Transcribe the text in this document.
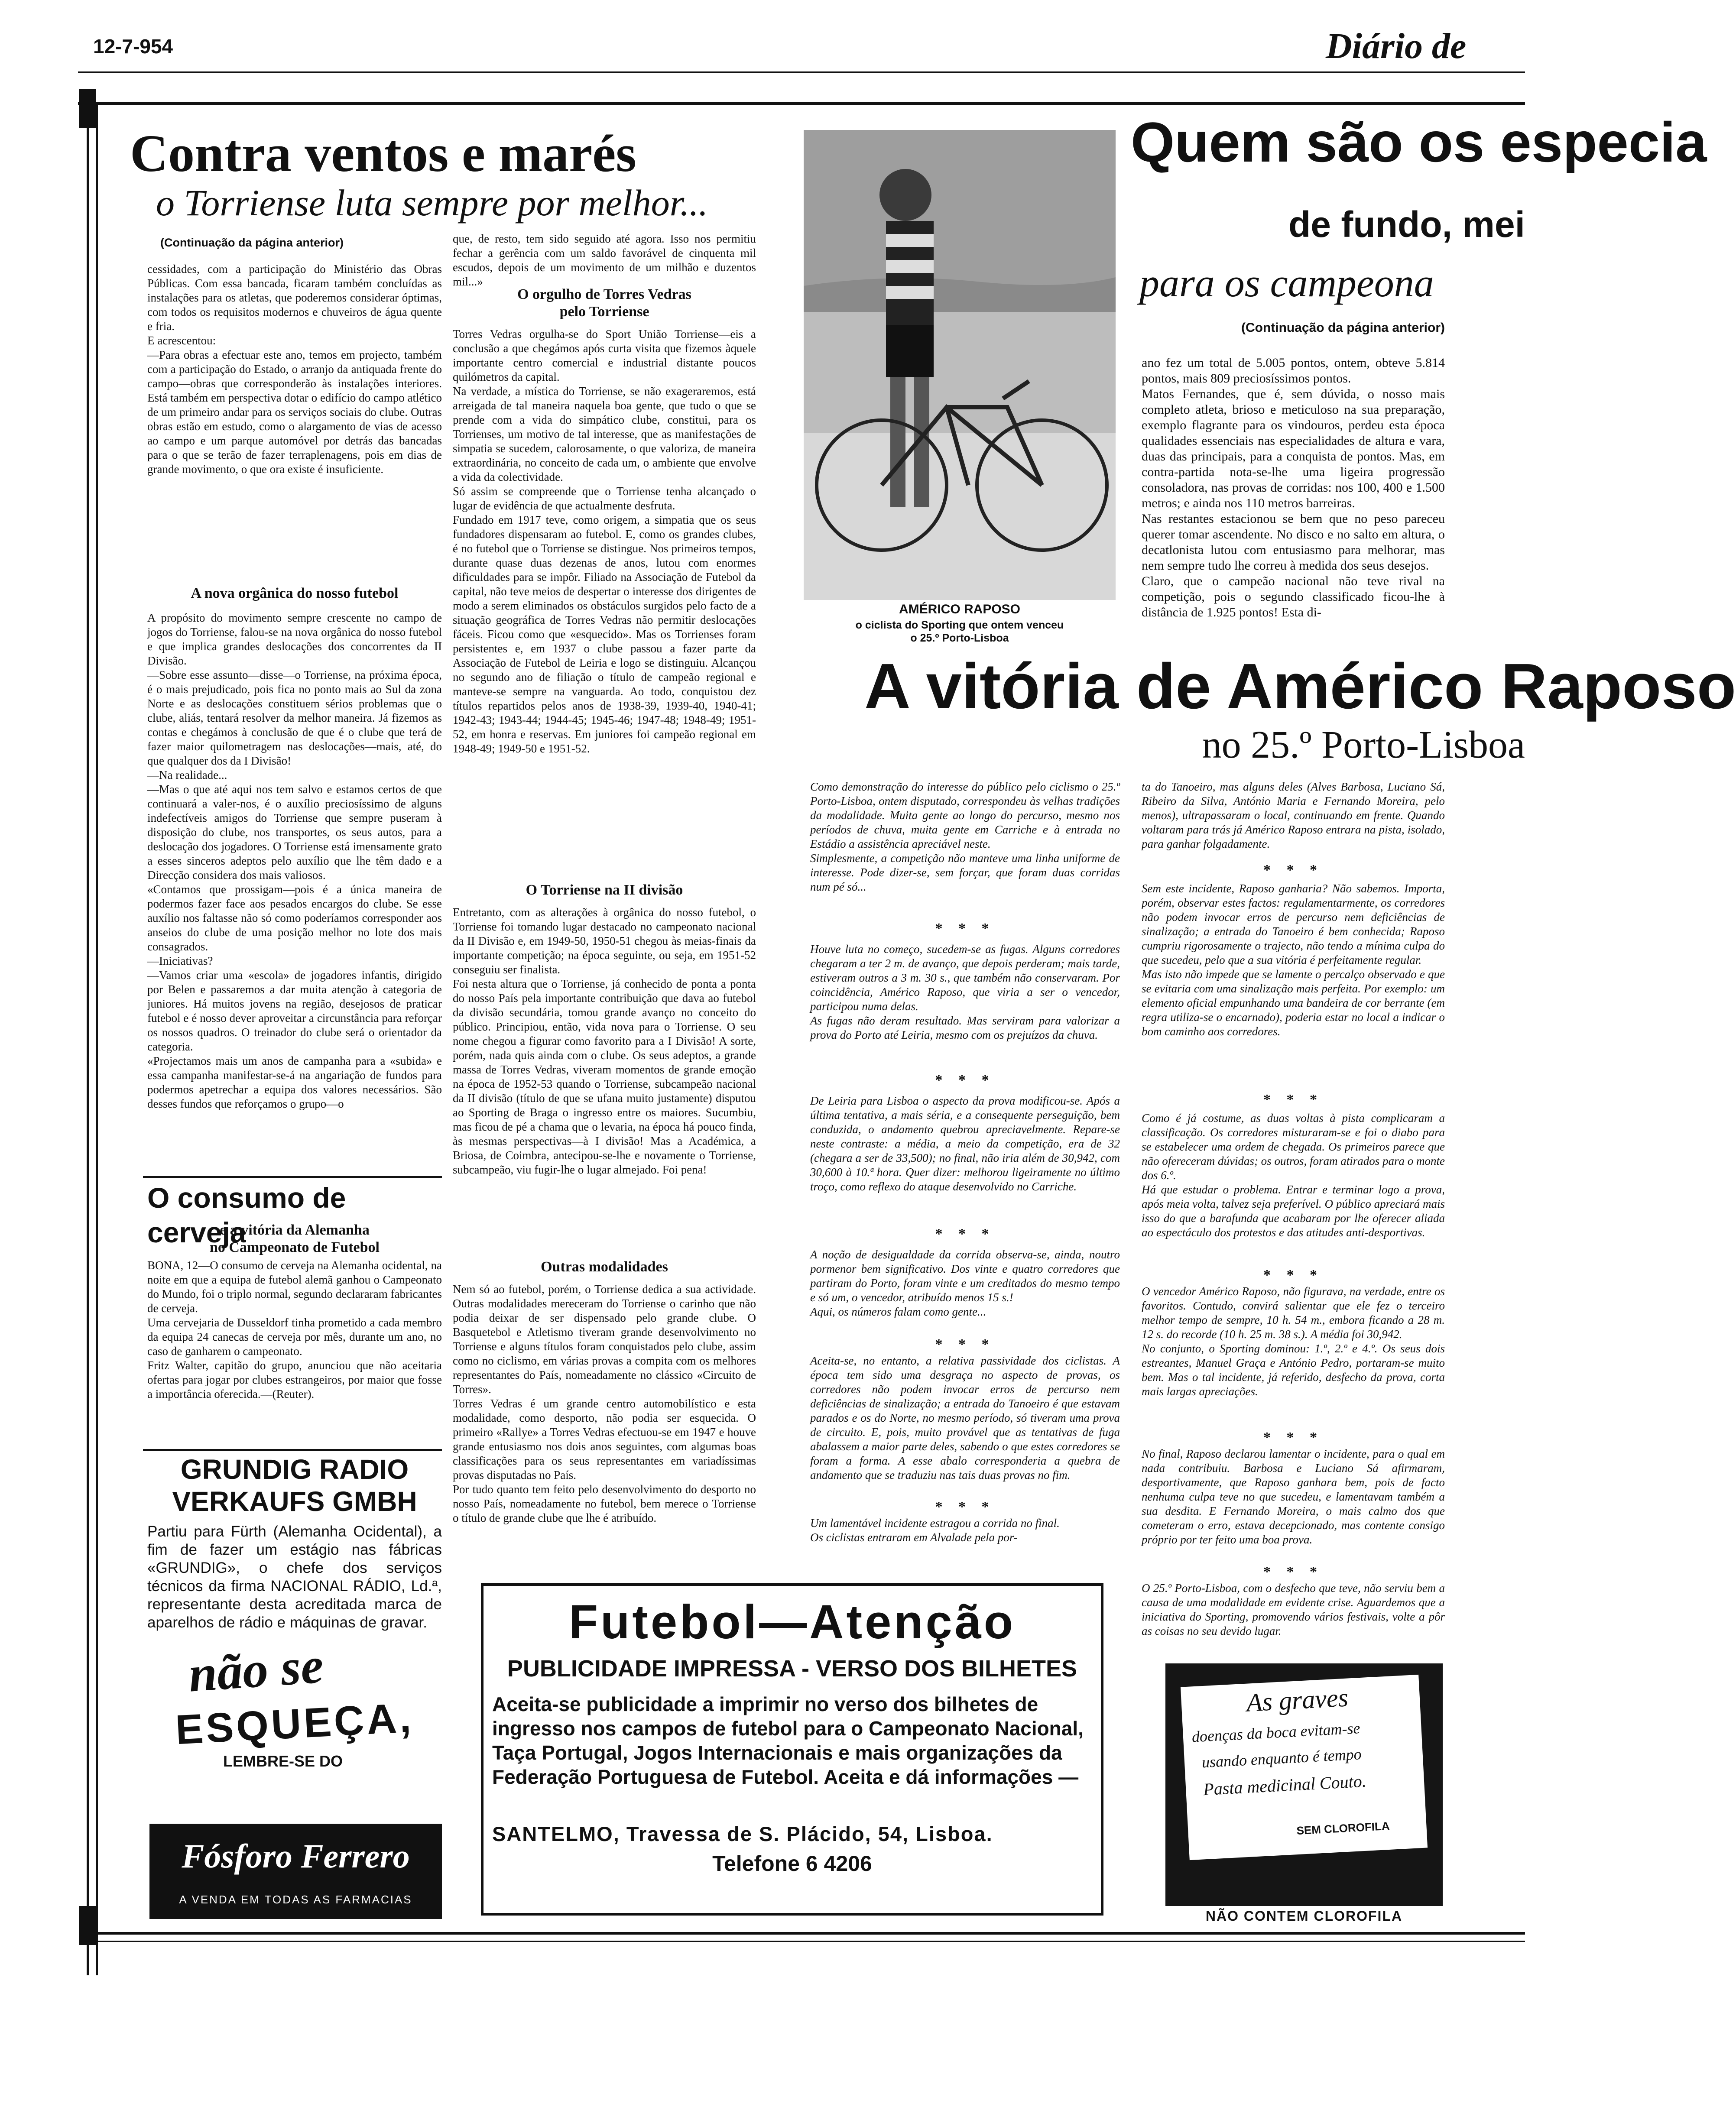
12-7-954	Diário de
Contra ventos e marés
o Torriense luta sempre por melhor...
(Continuação da página anterior)
cessidades, com a participação do Ministério das Obras Públicas. Com essa bancada, ficaram também concluídas as instalações para os atletas, que poderemos considerar óptimas, com todos os requisitos modernos e chuveiros de água quente e fria.
E acrescentou:
—Para obras a efectuar este ano, temos em projecto, também com a participação do Estado, o arranjo da antiquada frente do campo—obras que corresponderão às instalações interiores. Está também em perspectiva dotar o edifício do campo atlético de um primeiro andar para os serviços sociais do clube. Outras obras estão em estudo, como o alargamento de vias de acesso ao campo e um parque automóvel por detrás das bancadas para o que se terão de fazer terraplenagens, pois em dias de grande movimento, o que ora existe é insuficiente.
A nova orgânica do nosso futebol
A propósito do movimento sempre crescente no campo de jogos do Torriense, falou-se na nova orgânica do nosso futebol e que implica grandes deslocações dos concorrentes da II Divisão.
—Sobre esse assunto—disse—o Torriense, na próxima época, é o mais prejudicado, pois fica no ponto mais ao Sul da zona Norte e as deslocações constituem sérios problemas que o clube, aliás, tentará resolver da melhor maneira. Já fizemos as contas e chegámos à conclusão de que é o clube que terá de fazer maior quilometragem nas deslocações—mais, até, do que qualquer dos da I Divisão!
—Na realidade...
—Mas o que até aqui nos tem salvo e estamos certos de que continuará a valer-nos, é o auxílio preciosíssimo de alguns indefectíveis amigos do Torriense que sempre puseram à disposição do clube, nos transportes, os seus autos, para a deslocação dos jogadores. O Torriense está imensamente grato a esses sinceros adeptos pelo auxílio que lhe têm dado e a Direcção considera dos mais valiosos.
«Contamos que prossigam—pois é a única maneira de podermos fazer face aos pesados encargos do clube. Se esse auxílio nos faltasse não só como poderíamos corresponder aos anseios do clube de uma posição melhor no lote dos mais consagrados.
—Iniciativas?
—Vamos criar uma «escola» de jogadores infantis, dirigido por Belen e passaremos a dar muita atenção à categoria de juniores. Há muitos jovens na região, desejosos de praticar futebol e é nosso dever aproveitar a circunstância para reforçar os nossos quadros. O treinador do clube será o orientador da categoria.
«Projectamos mais um anos de campanha para a «subida» e essa campanha manifestar-se-á na angariação de fundos para podermos apetrechar a equipa dos valores necessários. São desses fundos que reforçamos o grupo—o
que, de resto, tem sido seguido até agora. Isso nos permitiu fechar a gerência com um saldo favorável de cinquenta mil escudos, depois de um movimento de um milhão e duzentos mil...»
O orgulho de Torres Vedras
pelo Torriense
Torres Vedras orgulha-se do Sport União Torriense—eis a conclusão a que chegámos após curta visita que fizemos àquele importante centro comercial e industrial distante poucos quilómetros da capital.
Na verdade, a mística do Torriense, se não exageraremos, está arreigada de tal maneira naquela boa gente, que tudo o que se prende com a vida do simpático clube, constitui, para os Torrienses, um motivo de tal interesse, que as manifestações de simpatia se sucedem, calorosamente, o que valoriza, de maneira extraordinária, no conceito de cada um, o ambiente que envolve a vida da colectividade.
Só assim se compreende que o Torriense tenha alcançado o lugar de evidência de que actualmente desfruta.
Fundado em 1917 teve, como origem, a simpatia que os seus fundadores dispensaram ao futebol. E, como os grandes clubes, é no futebol que o Torriense se distingue. Nos primeiros tempos, durante quase duas dezenas de anos, lutou com enormes dificuldades para se impôr. Filiado na Associação de Futebol da capital, não teve meios de despertar o interesse dos dirigentes de modo a serem eliminados os obstáculos surgidos pelo facto de a situação geográfica de Torres Vedras não permitir deslocações fáceis. Ficou como que «esquecido». Mas os Torrienses foram persistentes e, em 1937 o clube passou a fazer parte da Associação de Futebol de Leiria e logo se distinguiu. Alcançou no segundo ano de filiação o título de campeão regional e manteve-se sempre na vanguarda. Ao todo, conquistou dez títulos repartidos pelos anos de 1938-39, 1939-40, 1940-41; 1942-43; 1943-44; 1944-45; 1945-46; 1947-48; 1948-49; 1951-52, em honra e reservas. Em juniores foi campeão regional em 1948-49; 1949-50 e 1951-52.
O Torriense na II divisão
Entretanto, com as alterações à orgânica do nosso futebol, o Torriense foi tomando lugar destacado no campeonato nacional da II Divisão e, em 1949-50, 1950-51 chegou às meias-finais da importante competição; na época seguinte, ou seja, em 1951-52 conseguiu ser finalista.
Foi nesta altura que o Torriense, já conhecido de ponta a ponta do nosso País pela importante contribuição que dava ao futebol da divisão secundária, tomou grande avanço no conceito do público. Principiou, então, vida nova para o Torriense. O seu nome chegou a figurar como favorito para a I Divisão! A sorte, porém, nada quis ainda com o clube. Os seus adeptos, a grande massa de Torres Vedras, viveram momentos de grande emoção na época de 1952-53 quando o Torriense, subcampeão nacional da II divisão (título de que se ufana muito justamente) disputou ao Sporting de Braga o ingresso entre os maiores. Sucumbiu, mas ficou de pé a chama que o levaria, na época há pouco finda, às mesmas perspectivas—à I divisão! Mas a Académica, a Briosa, de Coimbra, antecipou-se-lhe e novamente o Torriense, subcampeão, viu fugir-lhe o lugar almejado. Foi pena!
Outras modalidades
Nem só ao futebol, porém, o Torriense dedica a sua actividade. Outras modalidades mereceram do Torriense o carinho que não podia deixar de ser dispensado pelo grande clube. O Basquetebol e Atletismo tiveram grande desenvolvimento no Torriense e alguns títulos foram conquistados pelo clube, assim como no ciclismo, em várias provas a compita com os melhores representantes do País, nomeadamente no clássico «Circuito de Torres».
Torres Vedras é um grande centro automobilístico e esta modalidade, como desporto, não podia ser esquecida. O primeiro «Rallye» a Torres Vedras efectuou-se em 1947 e houve grande entusiasmo nos dois anos seguintes, com algumas boas classificações para os seus representantes em variadíssimas provas disputadas no País.
Por tudo quanto tem feito pelo desenvolvimento do desporto no nosso País, nomeadamente no futebol, bem merece o Torriense o título de grande clube que lhe é atribuído.
O consumo de cerveja
e a vitória da Alemanha
no Campeonato de Futebol
BONA, 12—O consumo de cerveja na Alemanha ocidental, na noite em que a equipa de futebol alemã ganhou o Campeonato do Mundo, foi o triplo normal, segundo declararam fabricantes de cerveja.
Uma cervejaria de Dusseldorf tinha prometido a cada membro da equipa 24 canecas de cerveja por mês, durante um ano, no caso de ganharem o campeonato.
Fritz Walter, capitão do grupo, anunciou que não aceitaria ofertas para jogar por clubes estrangeiros, por maior que fosse a importância oferecida.—(Reuter).
GRUNDIG RADIO
VERKAUFS GMBH
Partiu para Fürth (Alemanha Ocidental), a fim de fazer um estágio nas fábricas «GRUNDIG», o chefe dos serviços técnicos da firma NACIONAL RÁDIO, Ld.ª, representante desta acreditada marca de aparelhos de rádio e máquinas de gravar.
não se
ESQUEÇA,
LEMBRE-SE DO
Fósforo Ferrero
A VENDA EM TODAS AS FARMACIAS
AMÉRICO RAPOSO
o ciclista do Sporting que ontem venceu
o 25.º Porto-Lisboa
Quem são os especia
de fundo, mei
para os campeona
(Continuação da página anterior)
ano fez um total de 5.005 pontos, ontem, obteve 5.814 pontos, mais 809 preciosíssimos pontos.
Matos Fernandes, que é, sem dúvida, o nosso mais completo atleta, brioso e meticuloso na sua preparação, exemplo flagrante para os vindouros, perdeu esta época qualidades essenciais nas especialidades de altura e vara, duas das principais, para a conquista de pontos. Mas, em contra-partida nota-se-lhe uma ligeira progressão consoladora, nas provas de corridas: nos 100, 400 e 1.500 metros; e ainda nos 110 metros barreiras.
Nas restantes estacionou se bem que no peso pareceu querer tomar ascendente. No disco e no salto em altura, o decatlonista lutou com entusiasmo para melhorar, mas nem sempre tudo lhe correu à medida dos seus desejos.
Claro, que o campeão nacional não teve rival na competição, pois o segundo classificado ficou-lhe à distância de 1.925 pontos! Esta di-
A vitória de Américo Raposo
no 25.º Porto-Lisboa
Como demonstração do interesse do público pelo ciclismo o 25.º Porto-Lisboa, ontem disputado, correspondeu às velhas tradições da modalidade. Muita gente ao longo do percurso, mesmo nos períodos de chuva, muita gente em Carriche e à entrada no Estádio a assistência apreciável neste.
Simplesmente, a competição não manteve uma linha uniforme de interesse. Pode dizer-se, sem forçar, que foram duas corridas num pé só...
* * *
Houve luta no começo, sucedem-se as fugas. Alguns corredores chegaram a ter 2 m. de avanço, que depois perderam; mais tarde, estiveram outros a 3 m. 30 s., que também não conservaram. Por coincidência, Américo Raposo, que viria a ser o vencedor, participou numa delas.
As fugas não deram resultado. Mas serviram para valorizar a prova do Porto até Leiria, mesmo com os prejuízos da chuva.
* * *
De Leiria para Lisboa o aspecto da prova modificou-se. Após a última tentativa, a mais séria, e a consequente perseguição, bem conduzida, o andamento quebrou apreciavelmente. Repare-se neste contraste: a média, a meio da competição, era de 32 (chegara a ser de 33,500); no final, não iria além de 30,942, com 30,600 à 10.ª hora. Quer dizer: melhorou ligeiramente no último troço, como reflexo do ataque desenvolvido no Carriche.
* * *
A noção de desigualdade da corrida observa-se, ainda, noutro pormenor bem significativo. Dos vinte e quatro corredores que partiram do Porto, foram vinte e um creditados do mesmo tempo e só um, o vencedor, atribuído menos 15 s.!
Aqui, os números falam como gente...
* * *
Aceita-se, no entanto, a relativa passividade dos ciclistas. A época tem sido uma desgraça no aspecto de provas, os corredores não podem invocar erros de percurso nem deficiências de sinalização; a entrada do Tanoeiro é que estavam parados e os do Norte, no mesmo período, só tiveram uma prova de circuito. E, pois, muito provável que as tentativas de fuga abalassem a maior parte deles, sabendo o que estes corredores se foram a forma. A esse abalo corresponderia a quebra de andamento que se traduziu nas tais duas provas no fim.
* * *
Um lamentável incidente estragou a corrida no final.
Os ciclistas entraram em Alvalade pela por-
ta do Tanoeiro, mas alguns deles (Alves Barbosa, Luciano Sá, Ribeiro da Silva, António Maria e Fernando Moreira, pelo menos), ultrapassaram o local, continuando em frente. Quando voltaram para trás já Américo Raposo entrara na pista, isolado, para ganhar folgadamente.
* * *
Sem este incidente, Raposo ganharia? Não sabemos. Importa, porém, observar estes factos: regulamentarmente, os corredores não podem invocar erros de percurso nem deficiências de sinalização; a entrada do Tanoeiro é bem conhecida; Raposo cumpriu rigorosamente o trajecto, não tendo a mínima culpa do que sucedeu, pelo que a sua vitória é perfeitamente regular.
Mas isto não impede que se lamente o percalço observado e que se evitaria com uma sinalização mais perfeita. Por exemplo: um elemento oficial empunhando uma bandeira de cor berrante (em regra utiliza-se o encarnado), poderia estar no local a indicar o bom caminho aos corredores.
* * *
Como é já costume, as duas voltas à pista complicaram a classificação. Os corredores misturaram-se e foi o diabo para se estabelecer uma ordem de chegada. Os primeiros parece que não ofereceram dúvidas; os outros, foram atirados para o monte dos 6.º.
Há que estudar o problema. Entrar e terminar logo a prova, após meia volta, talvez seja preferível. O público apreciará mais isso do que a barafunda que acabaram por lhe oferecer aliada ao espectáculo dos protestos e das atitudes anti-desportivas.
* * *
O vencedor Américo Raposo, não figurava, na verdade, entre os favoritos. Contudo, convirá salientar que ele fez o terceiro melhor tempo de sempre, 10 h. 54 m., embora ficando a 28 m. 12 s. do recorde (10 h. 25 m. 38 s.). A média foi 30,942.
No conjunto, o Sporting dominou: 1.º, 2.º e 4.º. Os seus dois estreantes, Manuel Graça e António Pedro, portaram-se muito bem. Mas o tal incidente, já referido, desfecho da prova, corta mais largas apreciações.
* * *
No final, Raposo declarou lamentar o incidente, para o qual em nada contribuiu. Barbosa e Luciano Sá afirmaram, desportivamente, que Raposo ganhara bem, pois de facto nenhuma culpa teve no que sucedeu, e lamentavam também a sua desdita. E Fernando Moreira, o mais calmo dos que cometeram o erro, estava decepcionado, mas contente consigo próprio por ter feito uma boa prova.
* * *
O 25.º Porto-Lisboa, com o desfecho que teve, não serviu bem a causa de uma modalidade em evidente crise. Aguardemos que a iniciativa do Sporting, promovendo vários festivais, volte a pôr as coisas no seu devido lugar.
Futebol—Atenção
PUBLICIDADE IMPRESSA - VERSO DOS BILHETES
Aceita-se publicidade a imprimir no verso dos bilhetes de ingresso nos campos de futebol para o Campeonato Nacional, Taça Portugal, Jogos Internacionais e mais organizações da Federação Portuguesa de Futebol. Aceita e dá informações —
SANTELMO, Travessa de S. Plácido, 54, Lisboa.
Telefone 6 4206
As graves
doenças da boca evitam-se
usando enquanto é tempo
Pasta medicinal Couto.
SEM CLOROFILA
NÃO CONTEM CLOROFILA
